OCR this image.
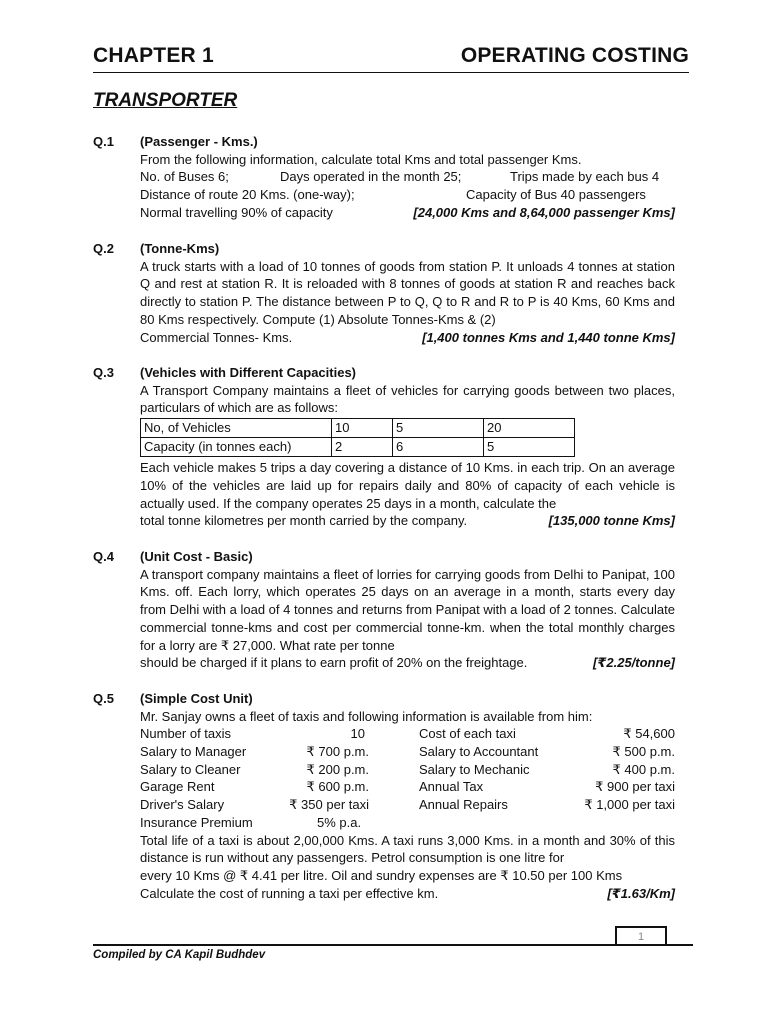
CHAPTER 1	OPERATING COSTING
TRANSPORTER
Q.1 (Passenger - Kms.)
From the following information, calculate total Kms and total passenger Kms.
No. of Buses 6;	Days operated in the month 25;	Trips made by each bus 4
Distance of route 20 Kms. (one-way);	Capacity of Bus 40 passengers
Normal travelling 90% of capacity	[24,000 Kms and 8,64,000 passenger Kms]
Q.2 (Tonne-Kms)
A truck starts with a load of 10 tonnes of goods from station P. It unloads 4 tonnes at station Q and rest at station R. It is reloaded with 8 tonnes of goods at station R and reaches back directly to station P. The distance between P to Q, Q to R and R to P is 40 Kms, 60 Kms and 80 Kms respectively. Compute (1) Absolute Tonnes-Kms & (2)
Commercial Tonnes- Kms.	[1,400 tonnes Kms and 1,440 tonne Kms]
Q.3 (Vehicles with Different Capacities)
A Transport Company maintains a fleet of vehicles for carrying goods between two places, particulars of which are as follows:
No, of Vehicles	10	5	20
Capacity (in tonnes each)	2	6	5
Each vehicle makes 5 trips a day covering a distance of 10 Kms. in each trip. On an average 10% of the vehicles are laid up for repairs daily and 80% of capacity of each vehicle is actually used. If the company operates 25 days in a month, calculate the
total tonne kilometres per month carried by the company.	[135,000 tonne Kms]
Q.4 (Unit Cost - Basic)
A transport company maintains a fleet of lorries for carrying goods from Delhi to Panipat, 100 Kms. off. Each lorry, which operates 25 days on an average in a month, starts every day from Delhi with a load of 4 tonnes and returns from Panipat with a load of 2 tonnes. Calculate commercial tonne-kms and cost per commercial tonne-km. when the total monthly charges for a lorry are ₹ 27,000. What rate per tonne
should be charged if it plans to earn profit of 20% on the freightage.	[₹2.25/tonne]
Q.5 (Simple Cost Unit)
Mr. Sanjay owns a fleet of taxis and following information is available from him:
Number of taxis	10	Cost of each taxi	₹ 54,600
Salary to Manager	₹ 700 p.m.	Salary to Accountant	₹ 500 p.m.
Salary to Cleaner	₹ 200 p.m.	Salary to Mechanic	₹ 400 p.m.
Garage Rent	₹ 600 p.m.	Annual Tax	₹ 900 per taxi
Driver's Salary	₹ 350 per taxi	Annual Repairs	₹ 1,000 per taxi
Insurance Premium	5% p.a.
Total life of a taxi is about 2,00,000 Kms. A taxi runs 3,000 Kms. in a month and 30% of this distance is run without any passengers. Petrol consumption is one litre for
every 10 Kms @ ₹ 4.41 per litre. Oil and sundry expenses are ₹ 10.50 per 100 Kms
Calculate the cost of running a taxi per effective km.	[₹1.63/Km]
1
Compiled by CA Kapil Budhdev
